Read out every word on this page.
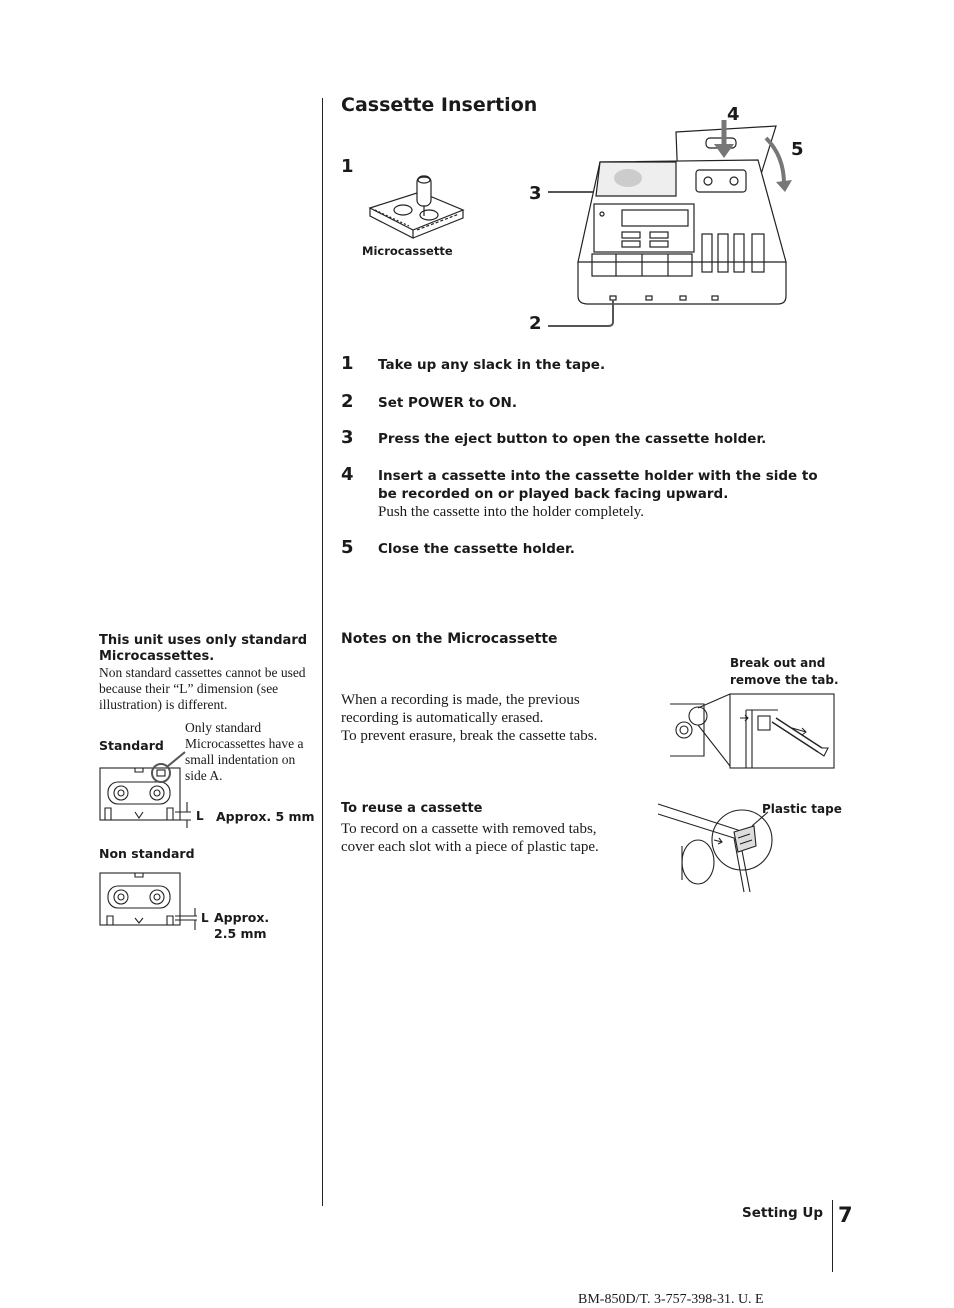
Cassette Insertion
1
3
4
5
2
Microcassette
1 Take up any slack in the tape.
2 Set POWER to ON.
3 Press the eject button to open the cassette holder.
4 Insert a cassette into the cassette holder with the side to be recorded on or played back facing upward.
Push the cassette into the holder completely.
5 Close the cassette holder.
Notes on the Microcassette
When a recording is made, the previous recording is automatically erased.
To prevent erasure, break the cassette tabs.
Break out and remove the tab.
To reuse a cassette
To record on a cassette with removed tabs, cover each slot with a piece of plastic tape.
Plastic tape
This unit uses only standard Microcassettes.
Non standard cassettes cannot be used because their “L” dimension (see illustration) is different.
Standard
Only standard Microcassettes have a small indentation on side A.
L Approx. 5 mm
Non standard
L Approx.
2.5 mm
Setting Up 7
BM-850D/T. 3-757-398-31. U. E
